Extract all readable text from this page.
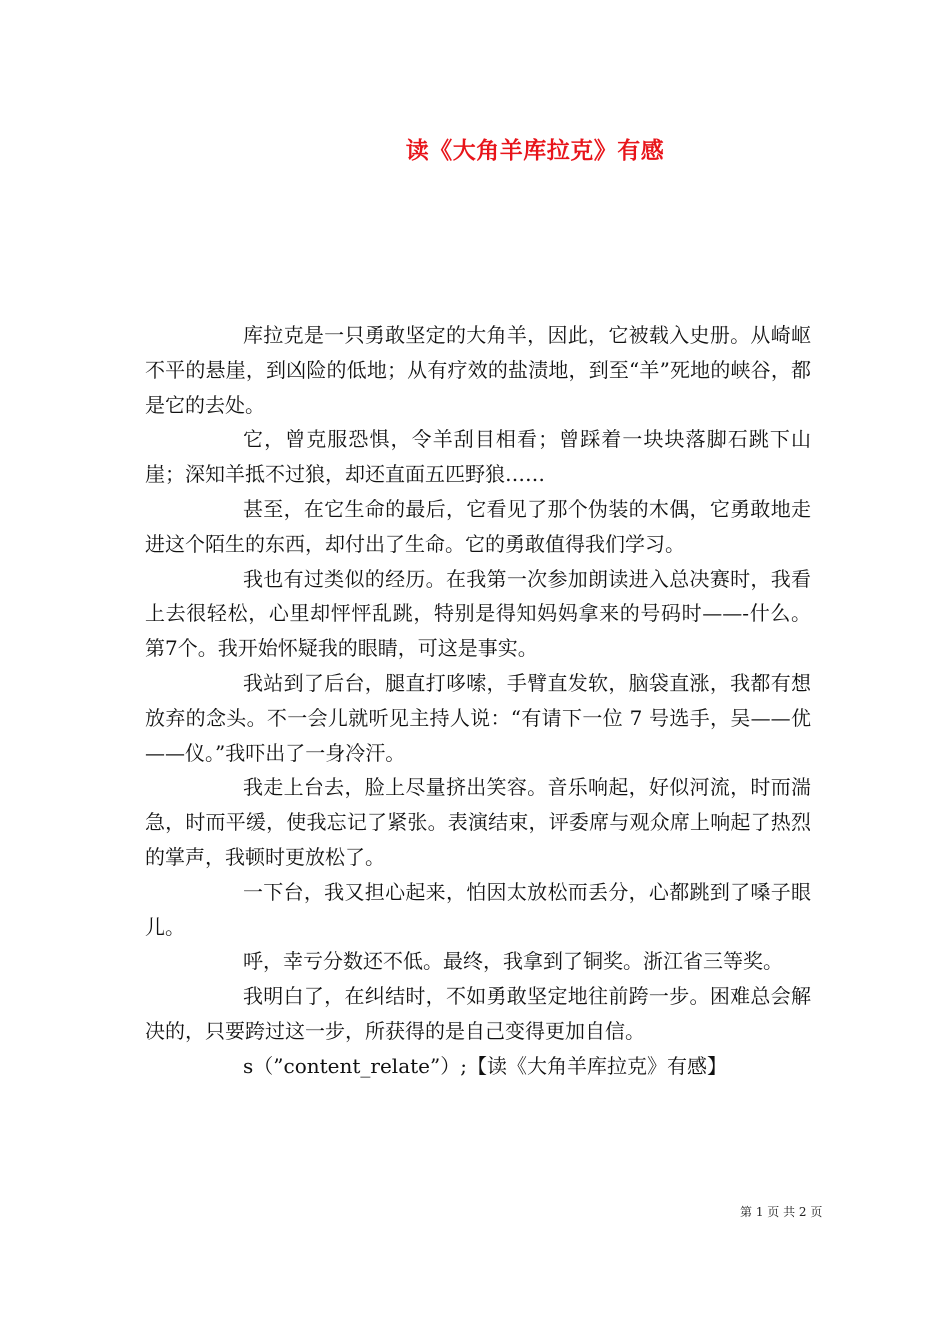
读《大角羊库拉克》有感

库拉克是一只勇敢坚定的大角羊，因此，它被载入史册。从崎岖不平的悬崖，到凶险的低地；从有疗效的盐渍地，到至“羊”死地的峡谷，都是它的去处。

它，曾克服恐惧，令羊刮目相看；曾踩着一块块落脚石跳下山崖；深知羊抵不过狼，却还直面五匹野狼……

甚至，在它生命的最后，它看见了那个伪装的木偶，它勇敢地走进这个陌生的东西，却付出了生命。它的勇敢值得我们学习。

我也有过类似的经历。在我第一次参加朗读进入总决赛时，我看上去很轻松，心里却怦怦乱跳，特别是得知妈妈拿来的号码时——-什么。第7个。我开始怀疑我的眼睛，可这是事实。

我站到了后台，腿直打哆嗦，手臂直发软，脑袋直涨，我都有想放弃的念头。不一会儿就听见主持人说：“有请下一位 7 号选手，吴——优——仪。”我吓出了一身冷汗。

我走上台去，脸上尽量挤出笑容。音乐响起，好似河流，时而湍急，时而平缓，使我忘记了紧张。表演结束，评委席与观众席上响起了热烈的掌声，我顿时更放松了。

一下台，我又担心起来，怕因太放松而丢分，心都跳到了嗓子眼儿。

呼，幸亏分数还不低。最终，我拿到了铜奖。浙江省三等奖。

我明白了，在纠结时，不如勇敢坚定地往前跨一步。困难总会解决的，只要跨过这一步，所获得的是自己变得更加自信。

s（”content_relate”）;【读《大角羊库拉克》有感】

第 1 页 共 2 页
